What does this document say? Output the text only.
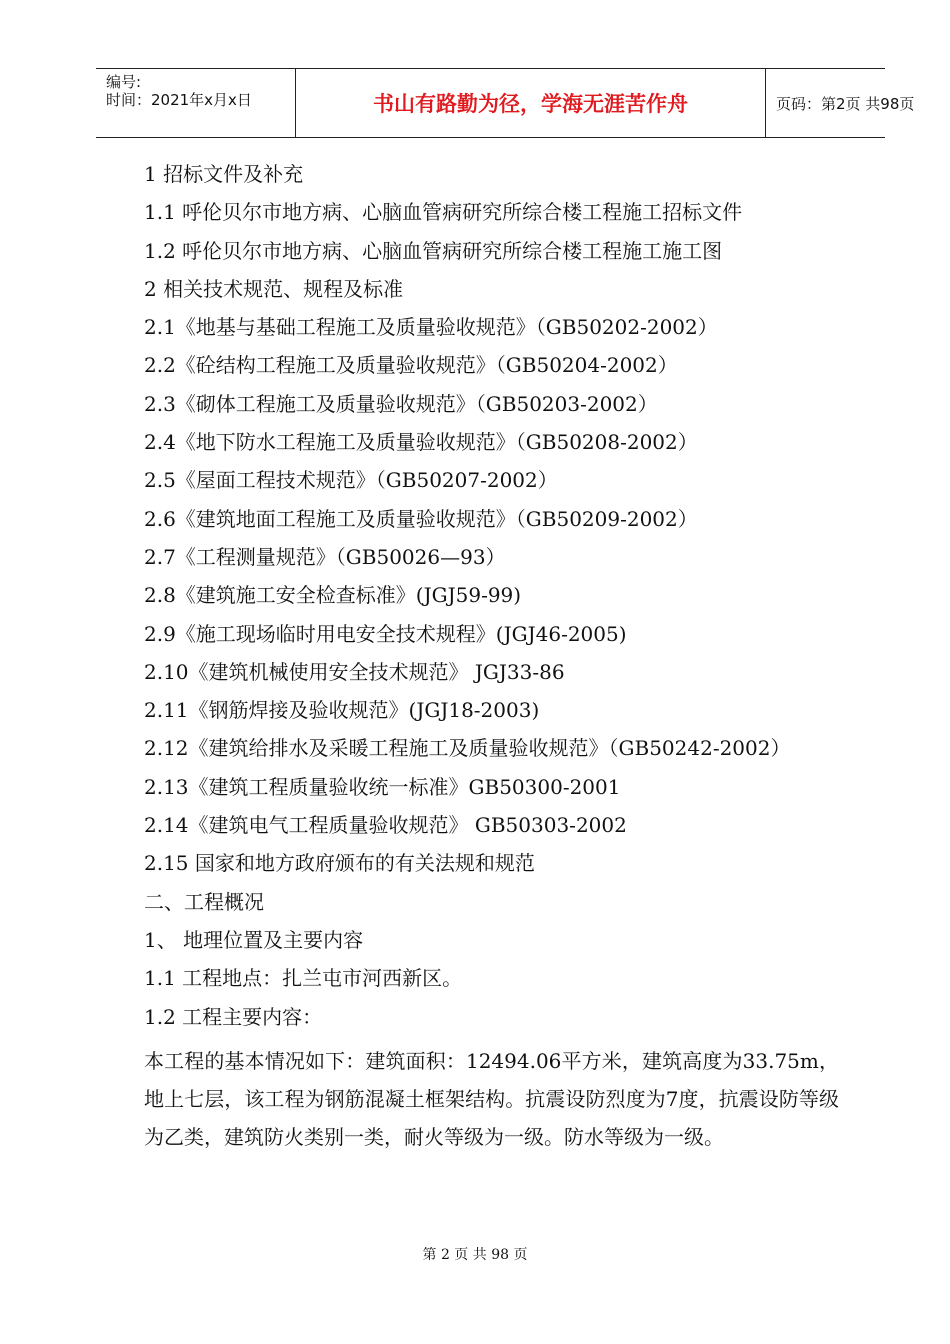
编号:
时间：2021年x月x日	书山有路勤为径，学海无涯苦作舟	页码：第2页 共98页
1 招标文件及补充
1.1 呼伦贝尔市地方病、心脑血管病研究所综合楼工程施工招标文件
1.2 呼伦贝尔市地方病、心脑血管病研究所综合楼工程施工施工图
2 相关技术规范、规程及标准
2.1《地基与基础工程施工及质量验收规范》（GB50202-2002）
2.2《砼结构工程施工及质量验收规范》（GB50204-2002）
2.3《砌体工程施工及质量验收规范》（GB50203-2002）
2.4《地下防水工程施工及质量验收规范》（GB50208-2002）
2.5《屋面工程技术规范》（GB50207-2002）
2.6《建筑地面工程施工及质量验收规范》（GB50209-2002）
2.7《工程测量规范》（GB50026—93）
2.8《建筑施工安全检查标准》(JGJ59-99)
2.9《施工现场临时用电安全技术规程》(JGJ46-2005)
2.10《建筑机械使用安全技术规范》 JGJ33-86
2.11《钢筋焊接及验收规范》(JGJ18-2003)
2.12《建筑给排水及采暖工程施工及质量验收规范》（GB50242-2002）
2.13《建筑工程质量验收统一标准》GB50300-2001
2.14《建筑电气工程质量验收规范》 GB50303-2002
2.15 国家和地方政府颁布的有关法规和规范
二、工程概况
1、 地理位置及主要内容
1.1 工程地点：扎兰屯市河西新区。
1.2 工程主要内容：
本工程的基本情况如下：建筑面积：12494.06平方米，建筑高度为33.75m，地上七层，该工程为钢筋混凝土框架结构。抗震设防烈度为7度，抗震设防等级为乙类，建筑防火类别一类，耐火等级为一级。防水等级为一级。
第 2 页 共 98 页
